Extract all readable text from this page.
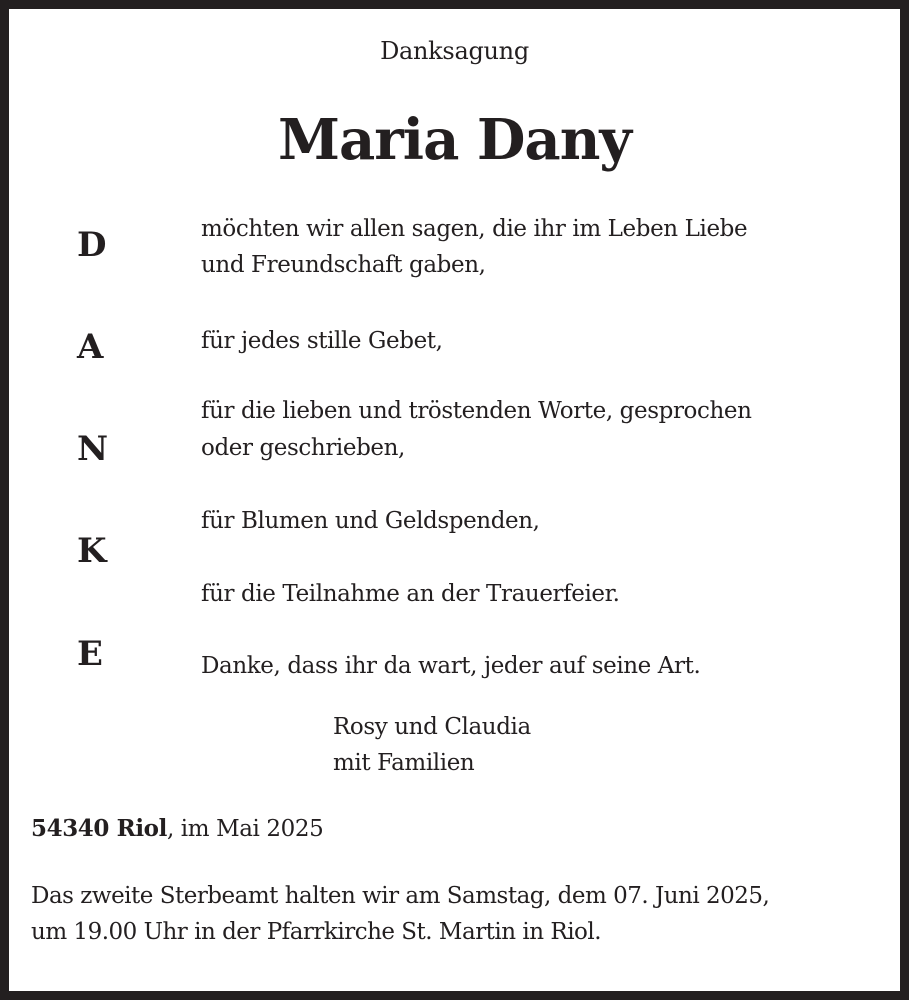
Danksagung
Maria Dany
D
A
N
K
E
möchten wir allen sagen, die ihr im Leben Liebe
und Freundschaft gaben,
für jedes stille Gebet,
für die lieben und tröstenden Worte, gesprochen
oder geschrieben,
für Blumen und Geldspenden,
für die Teilnahme an der Trauerfeier.
Danke, dass ihr da wart, jeder auf seine Art.
Rosy und Claudia
mit Familien
54340 Riol, im Mai 2025
Das zweite Sterbeamt halten wir am Samstag, dem 07. Juni 2025,
um 19.00 Uhr in der Pfarrkirche St. Martin in Riol.
